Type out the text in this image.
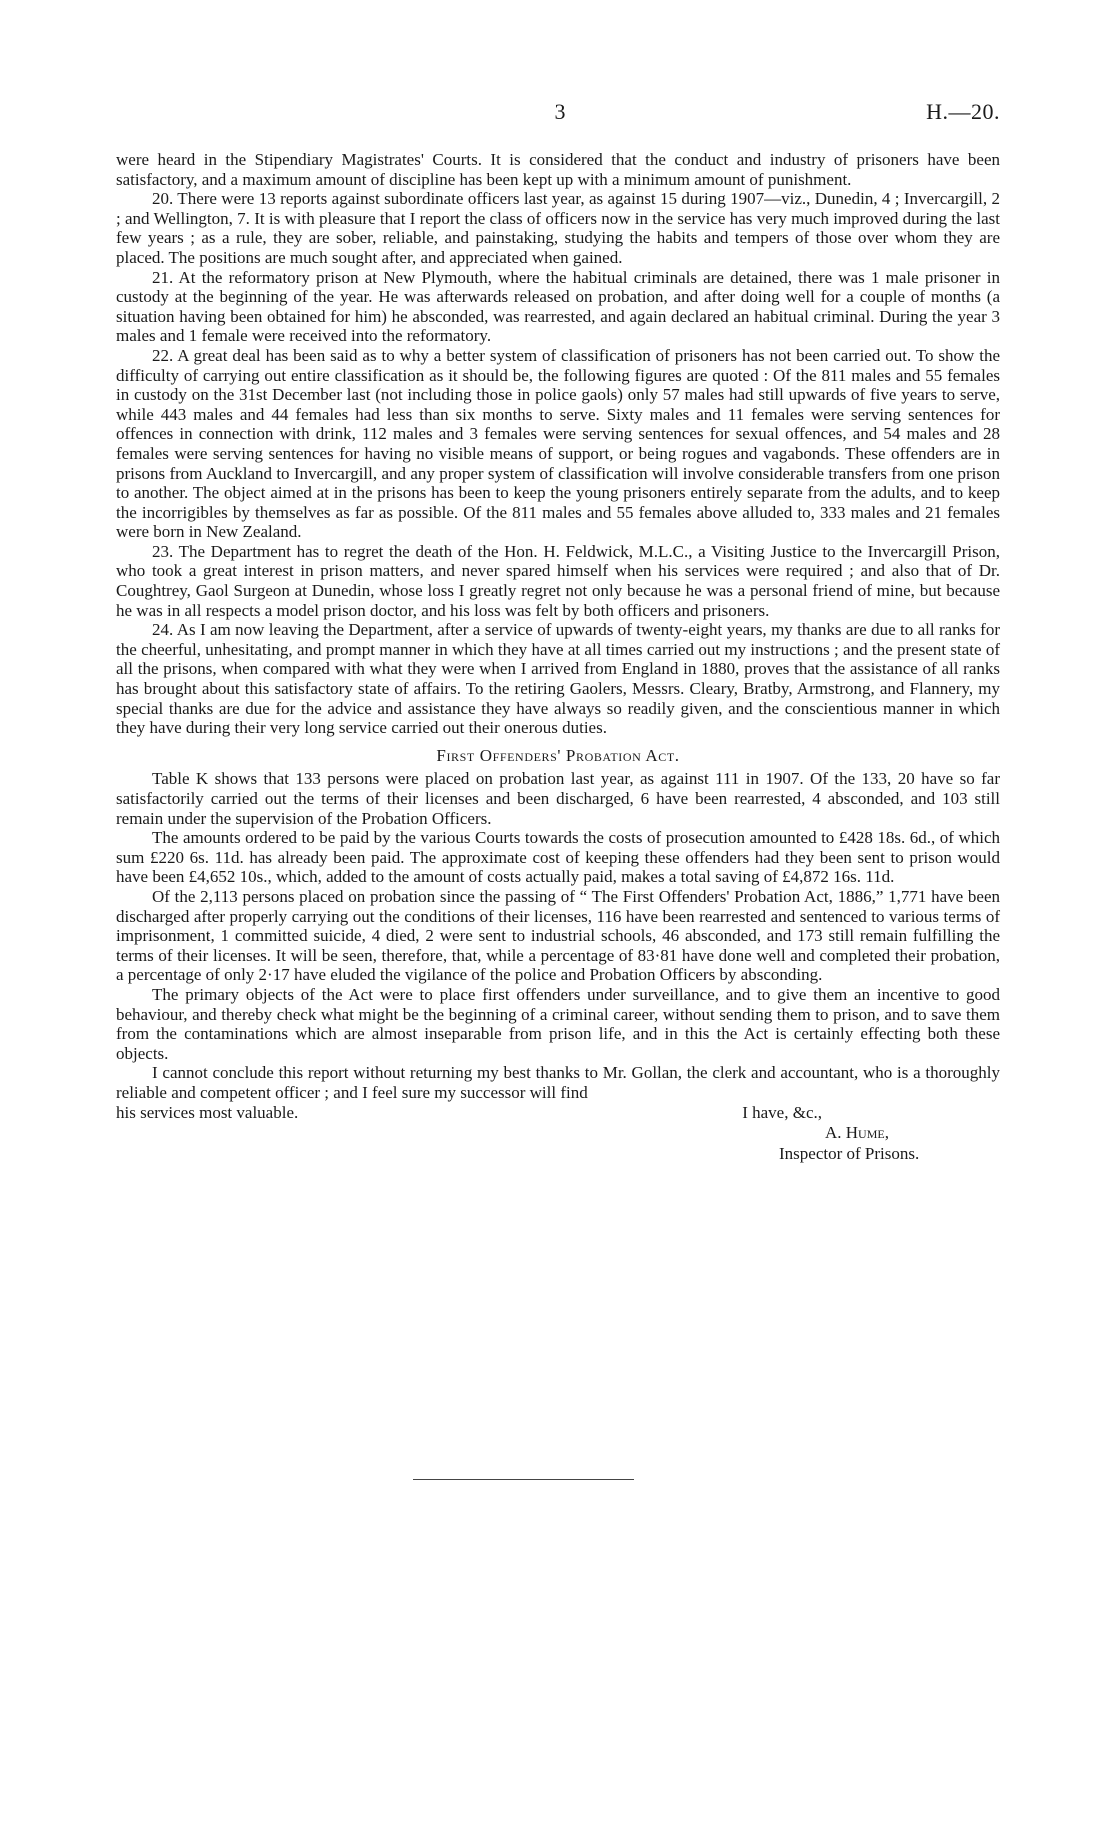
3	H.—20.

were heard in the Stipendiary Magistrates' Courts. It is considered that the conduct and industry of prisoners have been satisfactory, and a maximum amount of discipline has been kept up with a minimum amount of punishment.

20. There were 13 reports against subordinate officers last year, as against 15 during 1907—viz., Dunedin, 4 ; Invercargill, 2 ; and Wellington, 7. It is with pleasure that I report the class of officers now in the service has very much improved during the last few years ; as a rule, they are sober, reliable, and painstaking, studying the habits and tempers of those over whom they are placed. The positions are much sought after, and appreciated when gained.

21. At the reformatory prison at New Plymouth, where the habitual criminals are detained, there was 1 male prisoner in custody at the beginning of the year. He was afterwards released on probation, and after doing well for a couple of months (a situation having been obtained for him) he absconded, was rearrested, and again declared an habitual criminal. During the year 3 males and 1 female were received into the reformatory.

22. A great deal has been said as to why a better system of classification of prisoners has not been carried out. To show the difficulty of carrying out entire classification as it should be, the following figures are quoted : Of the 811 males and 55 females in custody on the 31st December last (not including those in police gaols) only 57 males had still upwards of five years to serve, while 443 males and 44 females had less than six months to serve. Sixty males and 11 females were serving sentences for offences in connection with drink, 112 males and 3 females were serving sentences for sexual offences, and 54 males and 28 females were serving sentences for having no visible means of support, or being rogues and vagabonds. These offenders are in prisons from Auckland to Invercargill, and any proper system of classification will involve considerable transfers from one prison to another. The object aimed at in the prisons has been to keep the young prisoners entirely separate from the adults, and to keep the incorrigibles by themselves as far as possible. Of the 811 males and 55 females above alluded to, 333 males and 21 females were born in New Zealand.

23. The Department has to regret the death of the Hon. H. Feldwick, M.L.C., a Visiting Justice to the Invercargill Prison, who took a great interest in prison matters, and never spared himself when his services were required ; and also that of Dr. Coughtrey, Gaol Surgeon at Dunedin, whose loss I greatly regret not only because he was a personal friend of mine, but because he was in all respects a model prison doctor, and his loss was felt by both officers and prisoners.

24. As I am now leaving the Department, after a service of upwards of twenty-eight years, my thanks are due to all ranks for the cheerful, unhesitating, and prompt manner in which they have at all times carried out my instructions ; and the present state of all the prisons, when compared with what they were when I arrived from England in 1880, proves that the assistance of all ranks has brought about this satisfactory state of affairs. To the retiring Gaolers, Messrs. Cleary, Bratby, Armstrong, and Flannery, my special thanks are due for the advice and assistance they have always so readily given, and the conscientious manner in which they have during their very long service carried out their onerous duties.

First Offenders' Probation Act.

Table K shows that 133 persons were placed on probation last year, as against 111 in 1907. Of the 133, 20 have so far satisfactorily carried out the terms of their licenses and been discharged, 6 have been rearrested, 4 absconded, and 103 still remain under the supervision of the Probation Officers.

The amounts ordered to be paid by the various Courts towards the costs of prosecution amounted to £428 18s. 6d., of which sum £220 6s. 11d. has already been paid. The approximate cost of keeping these offenders had they been sent to prison would have been £4,652 10s., which, added to the amount of costs actually paid, makes a total saving of £4,872 16s. 11d.

Of the 2,113 persons placed on probation since the passing of “ The First Offenders' Probation Act, 1886,” 1,771 have been discharged after properly carrying out the conditions of their licenses, 116 have been rearrested and sentenced to various terms of imprisonment, 1 committed suicide, 4 died, 2 were sent to industrial schools, 46 absconded, and 173 still remain fulfilling the terms of their licenses. It will be seen, therefore, that, while a percentage of 83·81 have done well and completed their probation, a percentage of only 2·17 have eluded the vigilance of the police and Probation Officers by absconding.

The primary objects of the Act were to place first offenders under surveillance, and to give them an incentive to good behaviour, and thereby check what might be the beginning of a criminal career, without sending them to prison, and to save them from the contaminations which are almost inseparable from prison life, and in this the Act is certainly effecting both these objects.

I cannot conclude this report without returning my best thanks to Mr. Gollan, the clerk and accountant, who is a thoroughly reliable and competent officer ; and I feel sure my successor will find

his services most valuable.	I have, &c.,
A. Hume,
Inspector of Prisons.
